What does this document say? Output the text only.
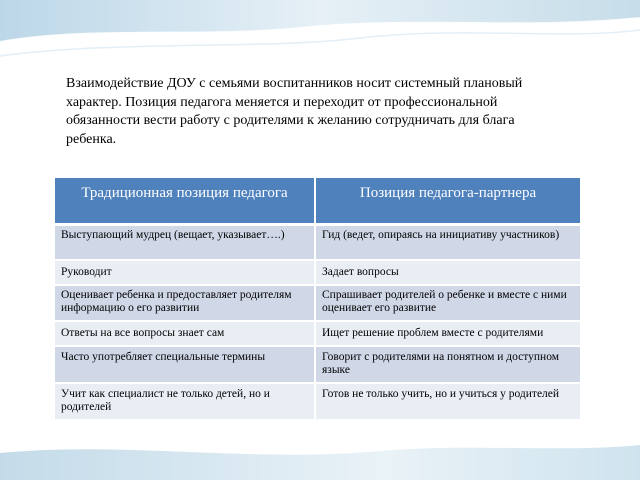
Взаимодействие ДОУ с семьями воспитанников носит системный плановый характер. Позиция педагога меняется и переходит от профессиональной обязанности вести работу с родителями к желанию сотрудничать для блага ребенка.

Традиционная позиция педагога	Позиция педагога-партнера
Выступающий мудрец (вещает, указывает….)	Гид (ведет, опираясь на инициативу участников)
Руководит	Задает вопросы
Оценивает ребенка и предоставляет родителям информацию о его развитии	Спрашивает родителей о ребенке и вместе с ними оценивает его развитие
Ответы на все вопросы знает сам	Ищет решение проблем вместе с родителями
Часто употребляет специальные термины	Говорит с родителями на понятном и доступном языке
Учит как специалист не только детей, но и родителей	Готов не только учить, но и учиться у родителей
